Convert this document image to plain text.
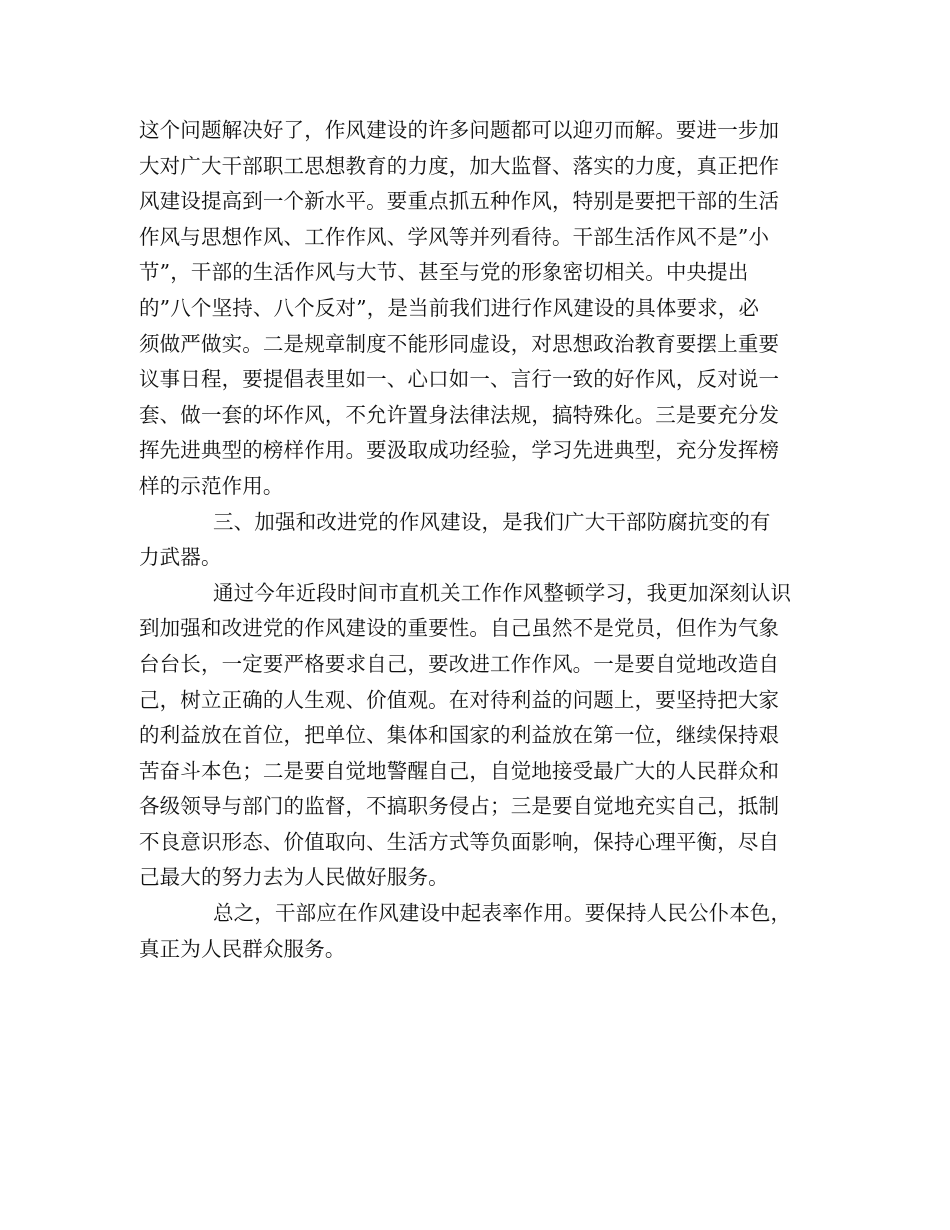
这个问题解决好了，作风建设的许多问题都可以迎刃而解。要进一步加
大对广大干部职工思想教育的力度，加大监督、落实的力度，真正把作
风建设提高到一个新水平。要重点抓五种作风，特别是要把干部的生活
作风与思想作风、工作作风、学风等并列看待。干部生活作风不是”小
节”，干部的生活作风与大节、甚至与党的形象密切相关。中央提出
的”八个坚持、八个反对”，是当前我们进行作风建设的具体要求，必
须做严做实。二是规章制度不能形同虚设，对思想政治教育要摆上重要
议事日程，要提倡表里如一、心口如一、言行一致的好作风，反对说一
套、做一套的坏作风，不允许置身法律法规，搞特殊化。三是要充分发
挥先进典型的榜样作用。要汲取成功经验，学习先进典型，充分发挥榜
样的示范作用。
三、加强和改进党的作风建设，是我们广大干部防腐抗变的有
力武器。
通过今年近段时间市直机关工作作风整顿学习，我更加深刻认识
到加强和改进党的作风建设的重要性。自己虽然不是党员，但作为气象
台台长，一定要严格要求自己，要改进工作作风。一是要自觉地改造自
己，树立正确的人生观、价值观。在对待利益的问题上，要坚持把大家
的利益放在首位，把单位、集体和国家的利益放在第一位，继续保持艰
苦奋斗本色；二是要自觉地警醒自己，自觉地接受最广大的人民群众和
各级领导与部门的监督，不搞职务侵占；三是要自觉地充实自己，抵制
不良意识形态、价值取向、生活方式等负面影响，保持心理平衡，尽自
己最大的努力去为人民做好服务。
总之，干部应在作风建设中起表率作用。要保持人民公仆本色，
真正为人民群众服务。
